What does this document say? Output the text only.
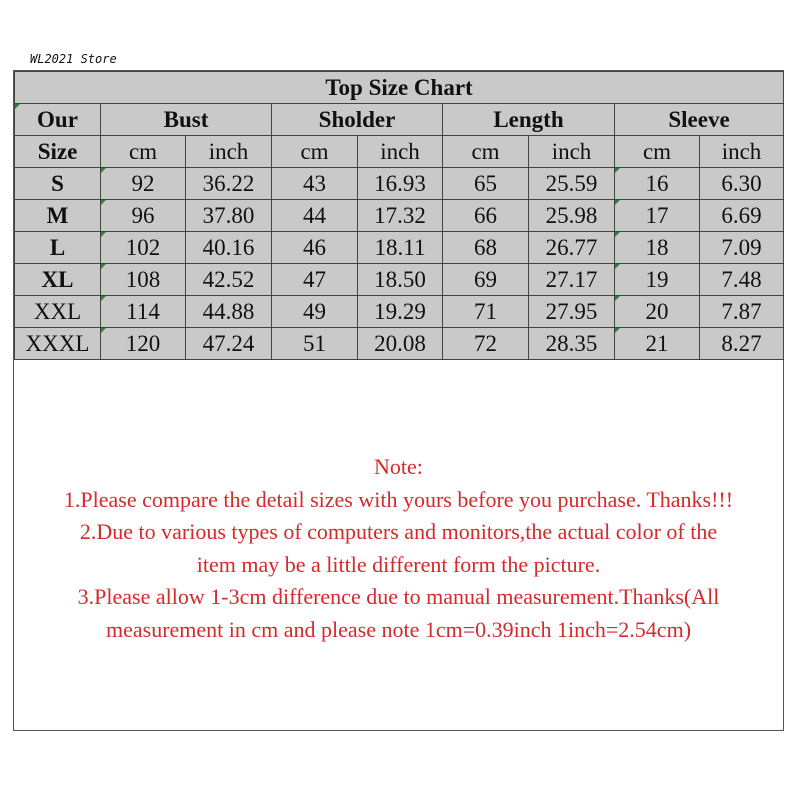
WL2021 Store
Top Size Chart								
Our	Bust		Sholder		Length		Sleeve	
Size	cm	inch	cm	inch	cm	inch	cm	inch
S	92	36.22	43	16.93	65	25.59	16	6.30
M	96	37.80	44	17.32	66	25.98	17	6.69
L	102	40.16	46	18.11	68	26.77	18	7.09
XL	108	42.52	47	18.50	69	27.17	19	7.48
XXL	114	44.88	49	19.29	71	27.95	20	7.87
XXXL	120	47.24	51	20.08	72	28.35	21	8.27

Note:

1.Please compare the detail sizes with yours before you purchase. Thanks!!!

2.Due to various types of computers and monitors,the actual color of the

item may be a little different form the picture.

3.Please allow 1-3cm difference due to manual measurement.Thanks(All

measurement in cm and please note 1cm=0.39inch 1inch=2.54cm)
